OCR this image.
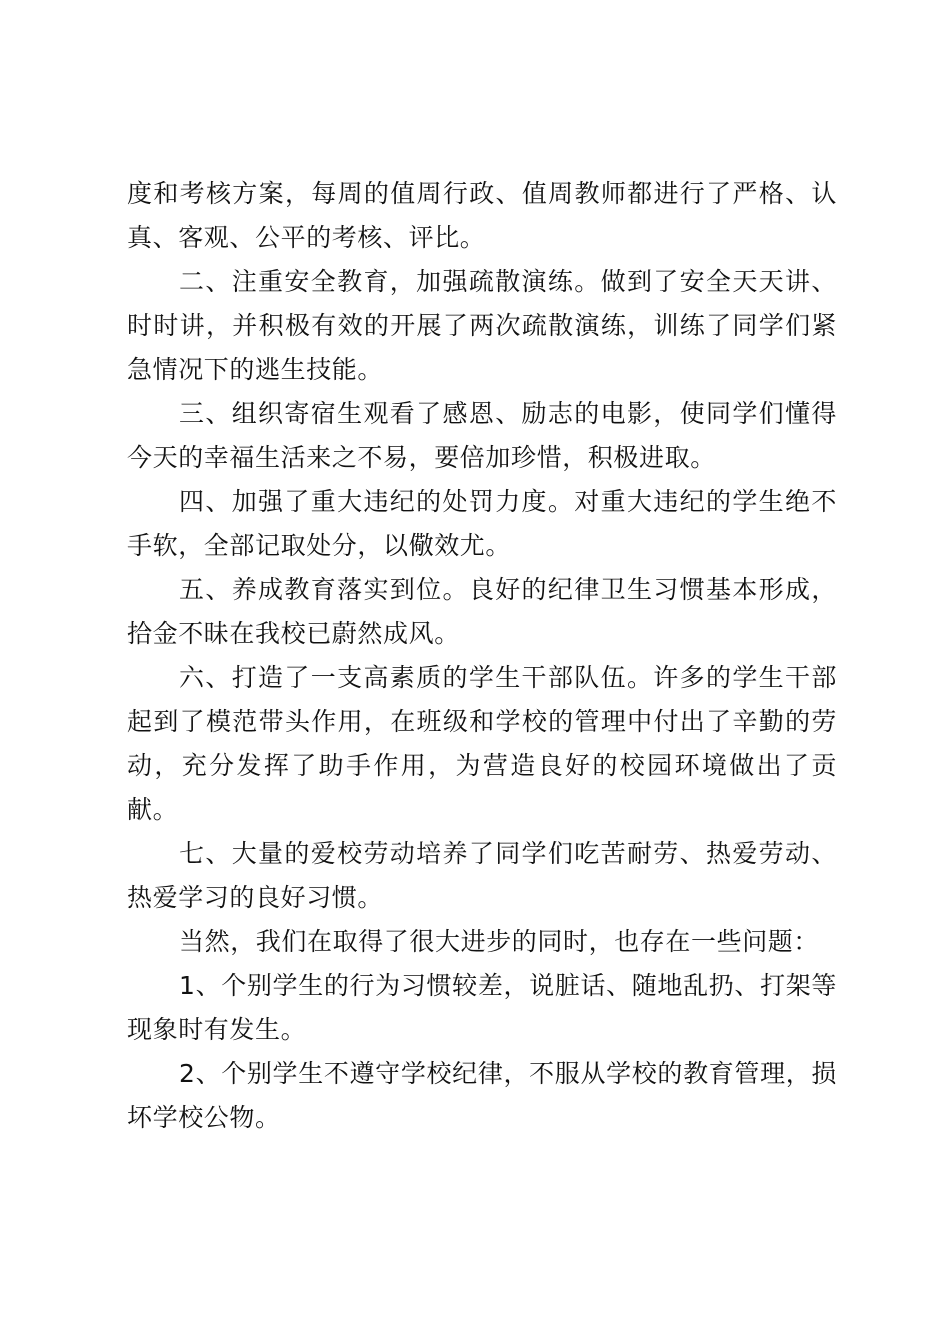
度和考核方案，每周的值周行政、值周教师都进行了严格、认真、客观、公平的考核、评比。

二、注重安全教育，加强疏散演练。做到了安全天天讲、时时讲，并积极有效的开展了两次疏散演练，训练了同学们紧急情况下的逃生技能。

三、组织寄宿生观看了感恩、励志的电影，使同学们懂得今天的幸福生活来之不易，要倍加珍惜，积极进取。

四、加强了重大违纪的处罚力度。对重大违纪的学生绝不手软，全部记取处分，以儆效尤。

五、养成教育落实到位。良好的纪律卫生习惯基本形成，拾金不昧在我校已蔚然成风。

六、打造了一支高素质的学生干部队伍。许多的学生干部起到了模范带头作用，在班级和学校的管理中付出了辛勤的劳动，充分发挥了助手作用，为营造良好的校园环境做出了贡献。

七、大量的爱校劳动培养了同学们吃苦耐劳、热爱劳动、热爱学习的良好习惯。

当然，我们在取得了很大进步的同时，也存在一些问题：

1、个别学生的行为习惯较差，说脏话、随地乱扔、打架等现象时有发生。

2、个别学生不遵守学校纪律，不服从学校的教育管理，损坏学校公物。
